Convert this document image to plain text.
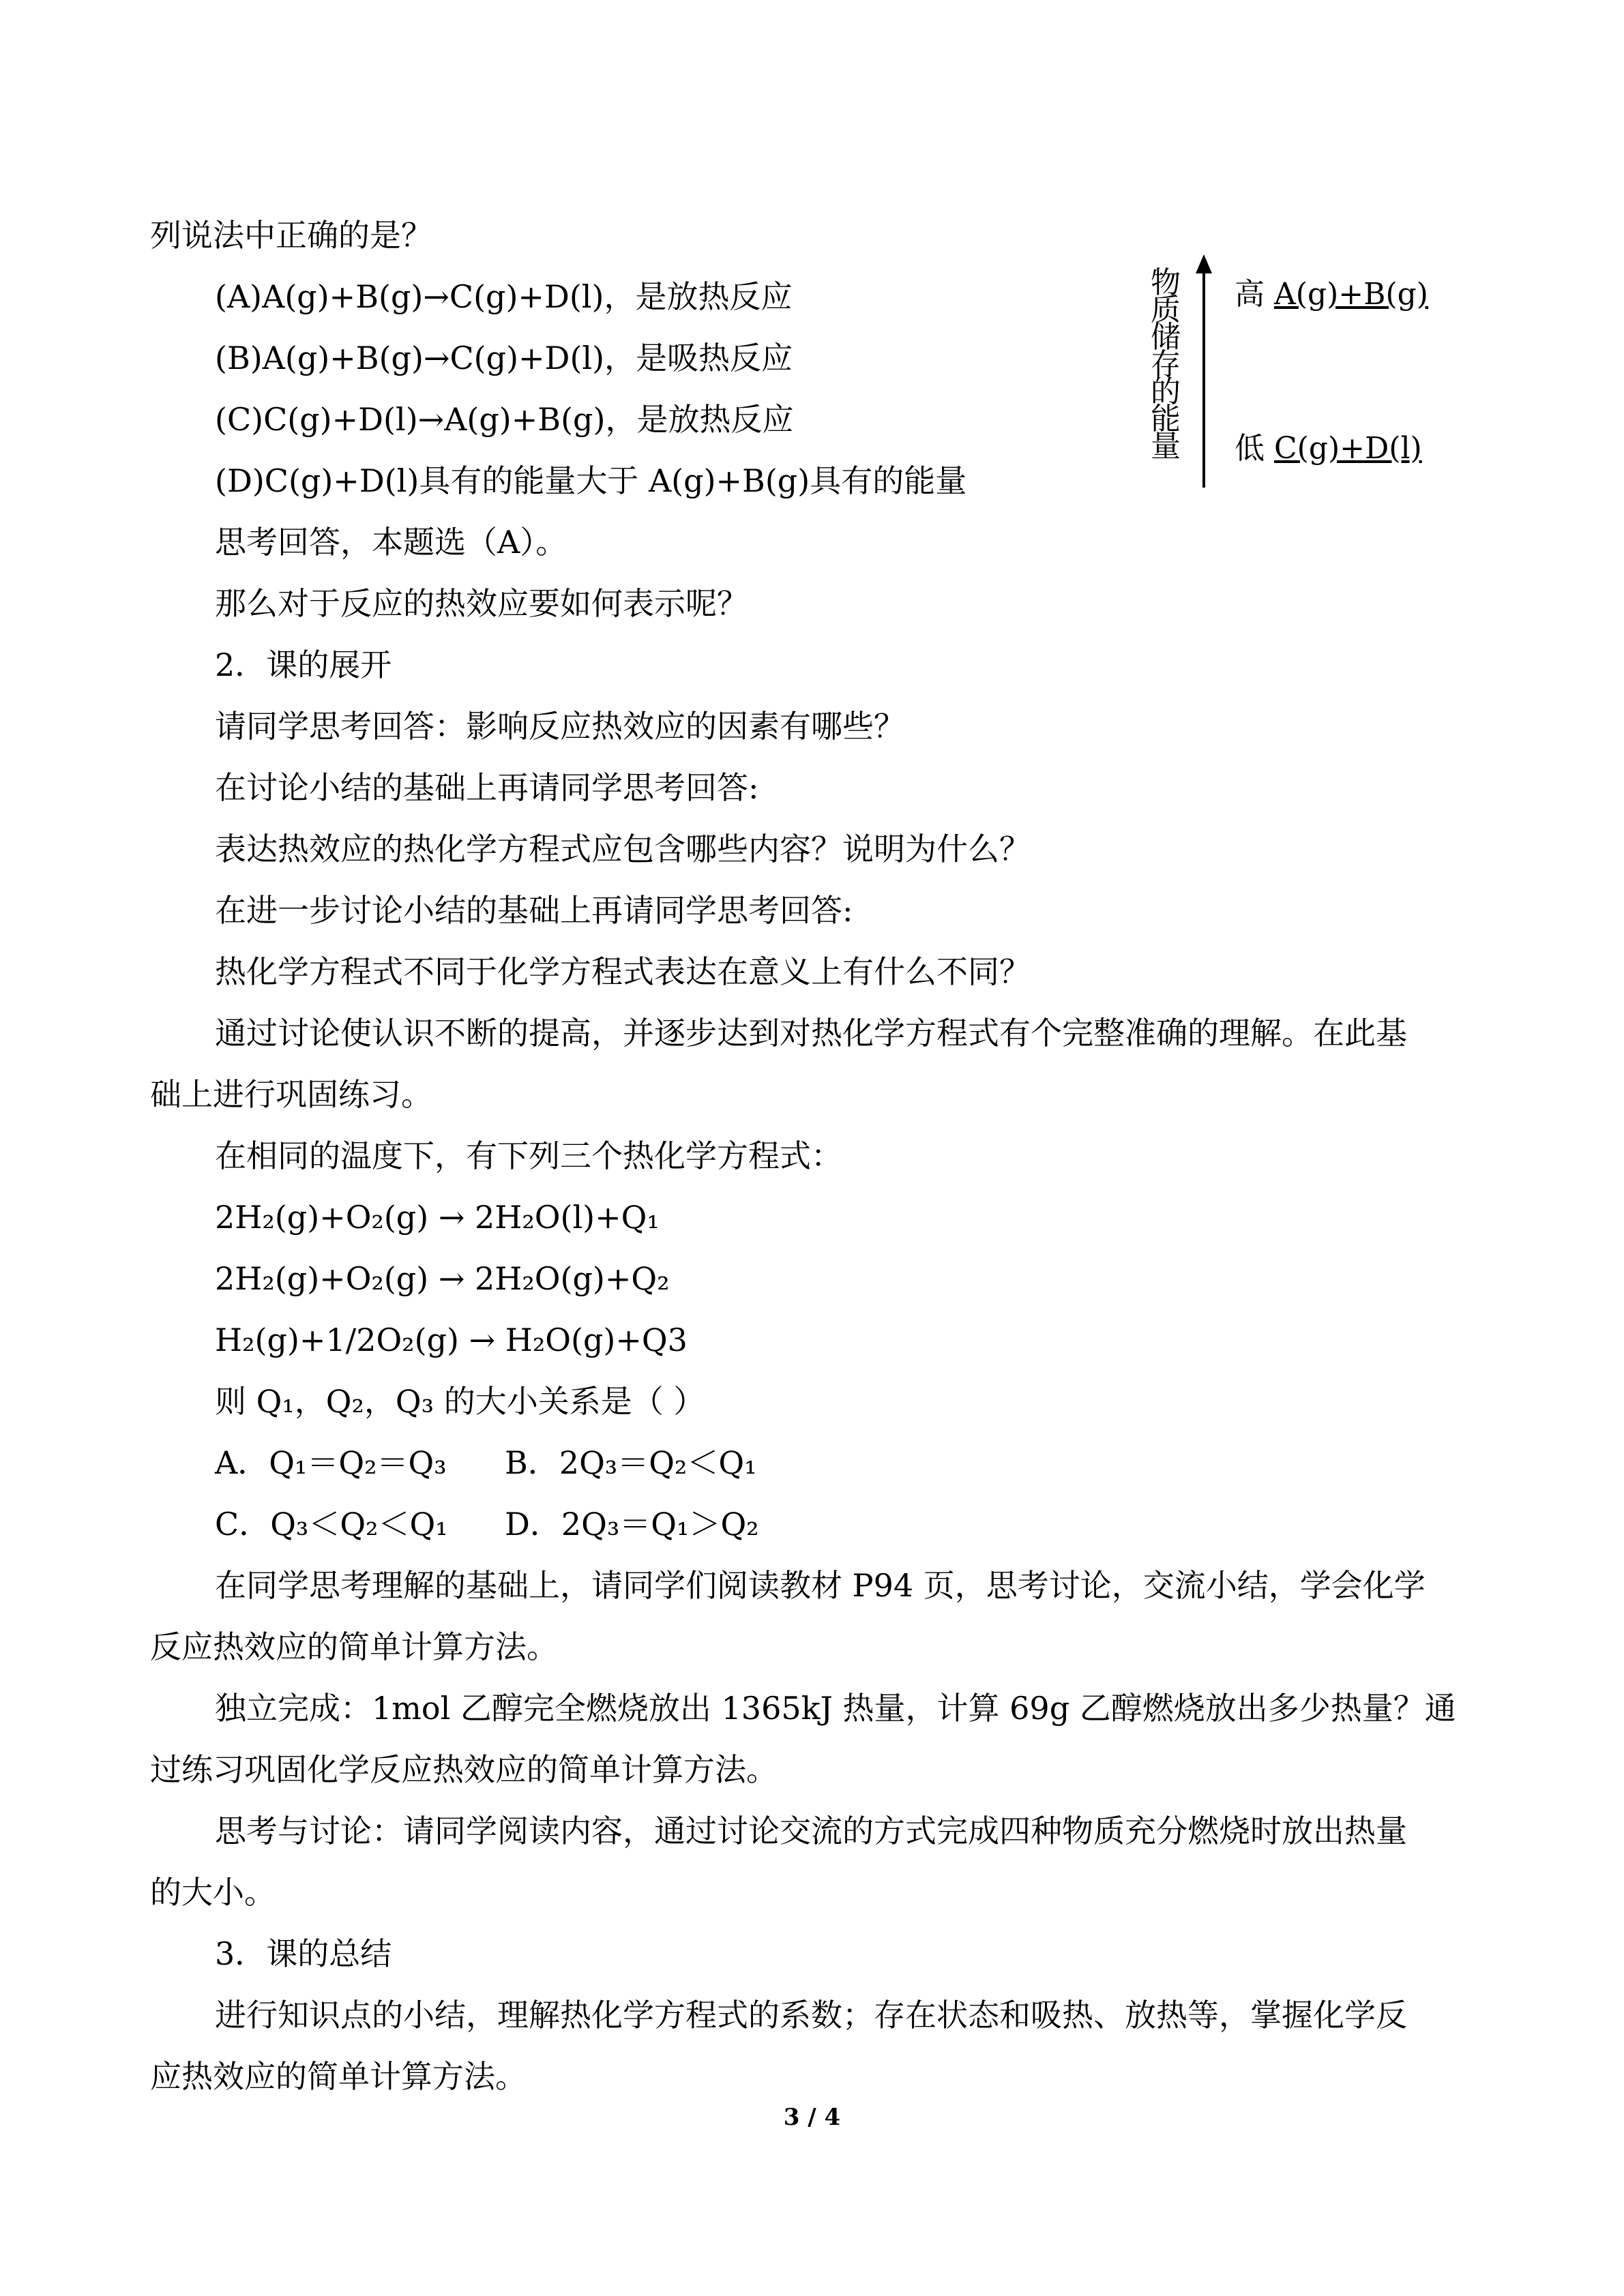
列说法中正确的是？
(A)A(g)+B(g)→C(g)+D(l)，是放热反应
(B)A(g)+B(g)→C(g)+D(l)，是吸热反应
(C)C(g)+D(l)→A(g)+B(g)，是放热反应
(D)C(g)+D(l)具有的能量大于 A(g)+B(g)具有的能量
思考回答，本题选（A）。
那么对于反应的热效应要如何表示呢？
2．课的展开
请同学思考回答：影响反应热效应的因素有哪些？
在讨论小结的基础上再请同学思考回答:
表达热效应的热化学方程式应包含哪些内容？说明为什么？
在进一步讨论小结的基础上再请同学思考回答:
热化学方程式不同于化学方程式表达在意义上有什么不同？
通过讨论使认识不断的提高，并逐步达到对热化学方程式有个完整准确的理解。在此基
础上进行巩固练习。
在相同的温度下，有下列三个热化学方程式：
2H₂(g)+O₂(g) → 2H₂O(l)+Q₁
2H₂(g)+O₂(g) → 2H₂O(g)+Q₂
H₂(g)+1/2O₂(g) → H₂O(g)+Q3
则 Q₁，Q₂，Q₃ 的大小关系是（ ）
A．Q₁＝Q₂＝Q₃ B．2Q₃＝Q₂＜Q₁
C．Q₃＜Q₂＜Q₁ D．2Q₃＝Q₁＞Q₂
在同学思考理解的基础上，请同学们阅读教材 P94 页，思考讨论，交流小结，学会化学
反应热效应的简单计算方法。
独立完成：1mol 乙醇完全燃烧放出 1365kJ 热量，计算 69g 乙醇燃烧放出多少热量？通
过练习巩固化学反应热效应的简单计算方法。
思考与讨论：请同学阅读内容，通过讨论交流的方式完成四种物质充分燃烧时放出热量
的大小。
3．课的总结
进行知识点的小结，理解热化学方程式的系数；存在状态和吸热、放热等，掌握化学反
应热效应的简单计算方法。
物
质
储
存
的
能
量
高 A(g)+B(g)
低 C(g)+D(l)
3 / 4
